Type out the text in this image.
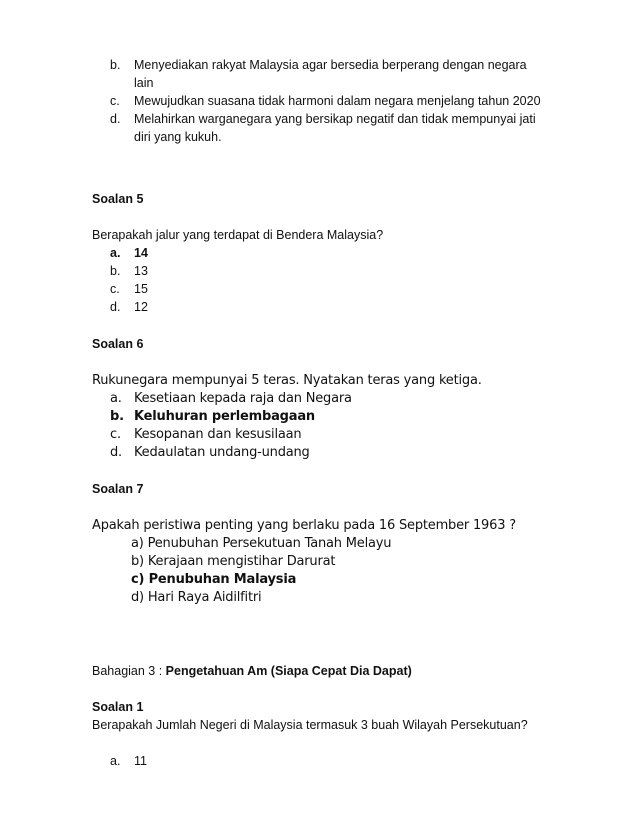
b. Menyediakan rakyat Malaysia agar bersedia berperang dengan negara
lain
c. Mewujudkan suasana tidak harmoni dalam negara menjelang tahun 2020
d. Melahirkan warganegara yang bersikap negatif dan tidak mempunyai jati
diri yang kukuh.
Soalan 5
Berapakah jalur yang terdapat di Bendera Malaysia?
a. 14
b. 13
c. 15
d. 12
Soalan 6
Rukunegara mempunyai 5 teras. Nyatakan teras yang ketiga.
a. Kesetiaan kepada raja dan Negara
b. Keluhuran perlembagaan
c. Kesopanan dan kesusilaan
d. Kedaulatan undang-undang
Soalan 7
Apakah peristiwa penting yang berlaku pada 16 September 1963 ?
a) Penubuhan Persekutuan Tanah Melayu
b) Kerajaan mengistihar Darurat
c) Penubuhan Malaysia
d) Hari Raya Aidilfitri
Bahagian 3 : Pengetahuan Am (Siapa Cepat Dia Dapat)
Soalan 1
Berapakah Jumlah Negeri di Malaysia termasuk 3 buah Wilayah Persekutuan?
a. 11
